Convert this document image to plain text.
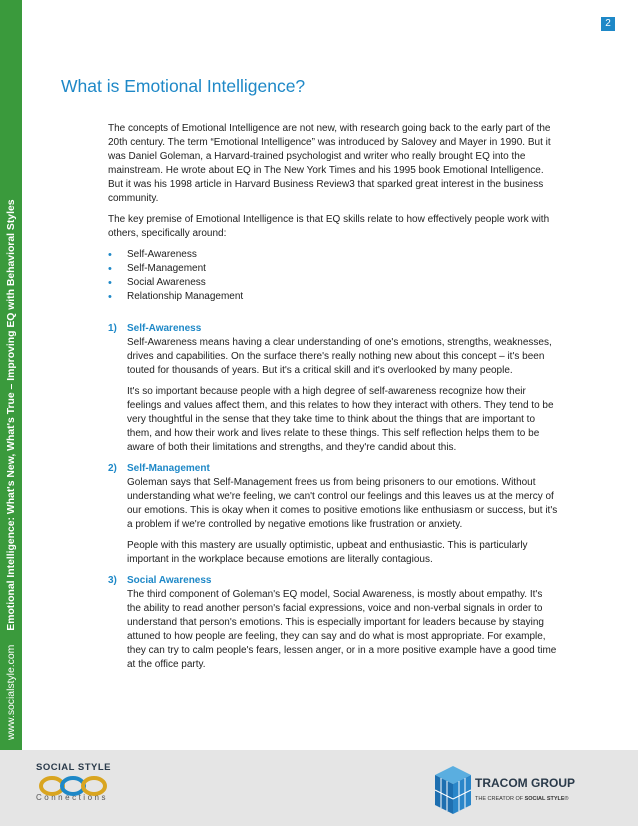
www.socialstyle.comEmotional Intelligence: What's New, What's True – Improving EQ with Behavioral Styles
2
What is Emotional Intelligence?

The concepts of Emotional Intelligence are not new, with research going back to the early part of the 20th century. The term “Emotional Intelligence” was introduced by Salovey and Mayer in 1990. But it was Daniel Goleman, a Harvard-trained psychologist and writer who really brought EQ into the mainstream. He wrote about EQ in The New York Times and his 1995 book Emotional Intelligence. But it was his 1998 article in Harvard Business Review3 that sparked great interest in the business community.

The key premise of Emotional Intelligence is that EQ skills relate to how effectively people work with others, specifically around:

• Self-Awareness
• Self-Management
• Social Awareness
• Relationship Management
1) Self-Awareness

Self-Awareness means having a clear understanding of one's emotions, strengths, weaknesses, drives and capabilities. On the surface there's really nothing new about this concept – it's been touted for thousands of years. But it's a critical skill and it's overlooked by many people.

It's so important because people with a high degree of self-awareness recognize how their feelings and values affect them, and this relates to how they interact with others. They tend to be very thoughtful in the sense that they take time to think about the things that are important to them, and how their work and lives relate to these things. This self reflection helps them to be aware of both their limitations and strengths, and they're candid about this.

2) Self-Management

Goleman says that Self-Management frees us from being prisoners to our emotions. Without understanding what we're feeling, we can't control our feelings and this leaves us at the mercy of our emotions. This is okay when it comes to positive emotions like enthusiasm or success, but it's a problem if we're controlled by negative emotions like frustration or anxiety.

People with this mastery are usually optimistic, upbeat and enthusiastic. This is particularly important in the workplace because emotions are literally contagious.

3) Social Awareness

The third component of Goleman's EQ model, Social Awareness, is mostly about empathy. It's the ability to read another person's facial expressions, voice and non-verbal signals in order to understand that person's emotions. This is especially important for leaders because by staying attuned to how people are feeling, they can say and do what is most appropriate. For example, they can try to calm people's fears, lessen anger, or in a more positive example have a good time at the office party.

SOCIAL STYLE
Connections
TRACOM GROUP
THE CREATOR OF SOCIAL STYLE®
